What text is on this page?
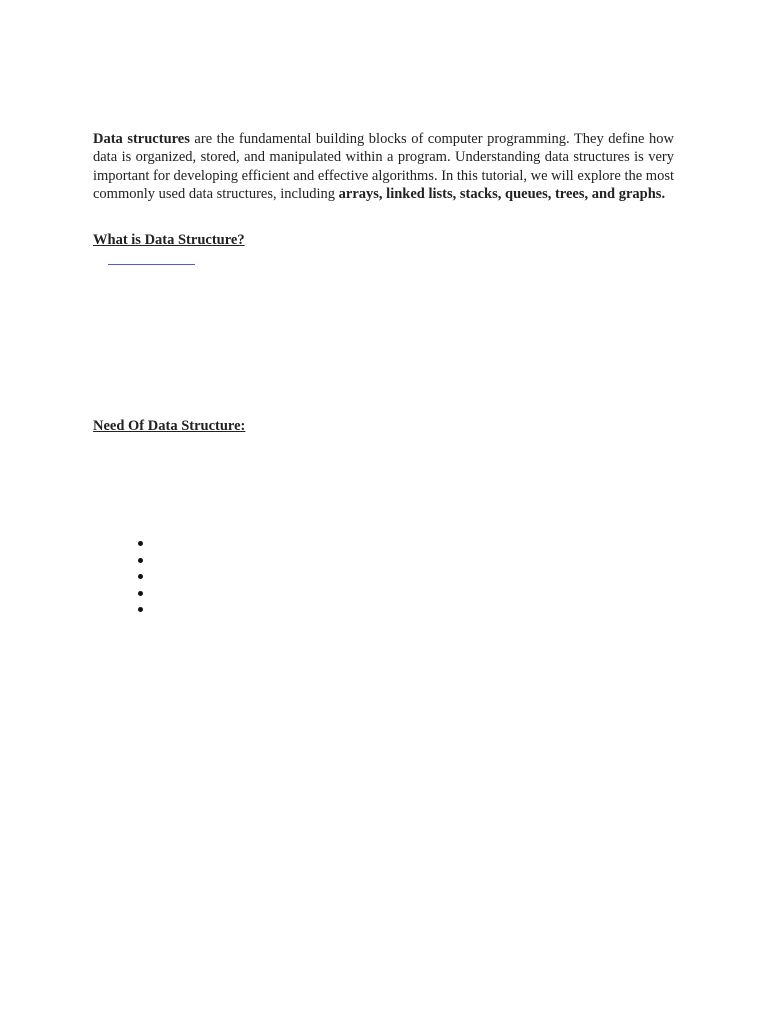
Data structures are the fundamental building blocks of computer programming. They define how data is organized, stored, and manipulated within a program. Understanding data structures is very important for developing efficient and effective algorithms. In this tutorial, we will explore the most commonly used data structures, including arrays, linked lists, stacks, queues, trees, and graphs.

What is Data Structure?
Need Of Data Structure:
